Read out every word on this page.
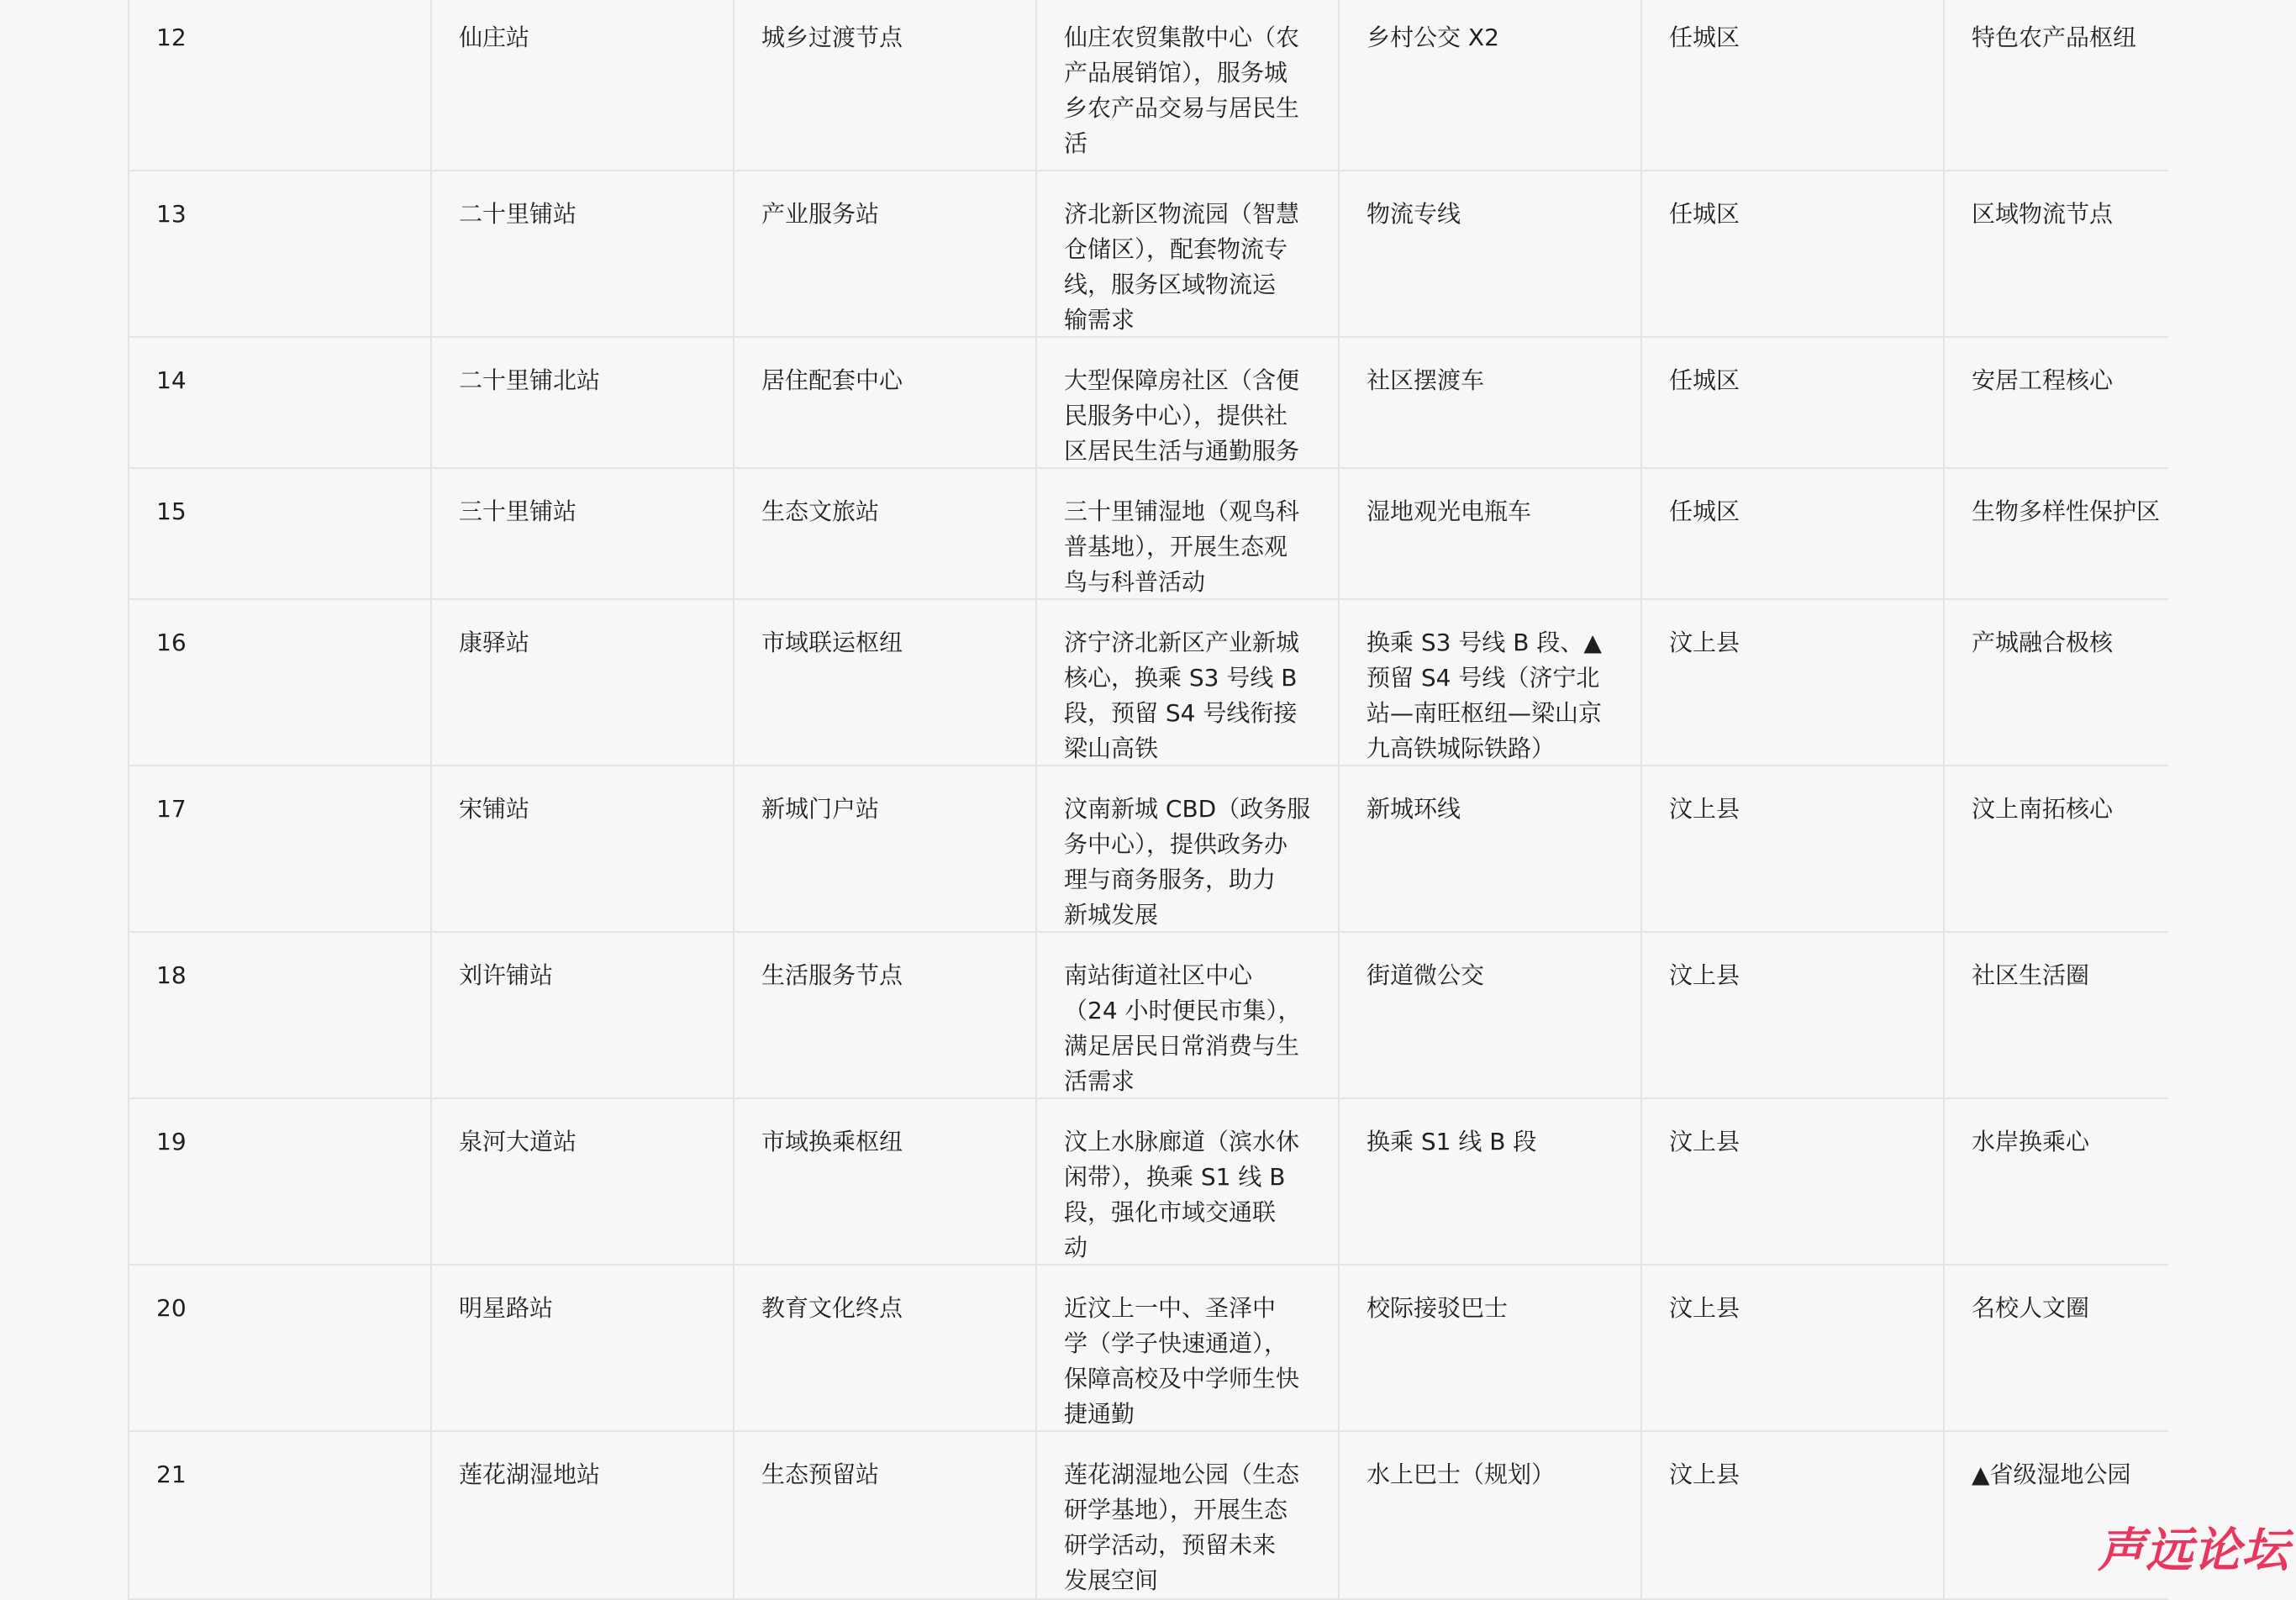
12	仙庄站	城乡过渡节点	仙庄农贸集散中心（农
产品展销馆），服务城
乡农产品交易与居民生
活
乡村公交 X2	任城区	特色农产品枢纽
13	二十里铺站	产业服务站	济北新区物流园（智慧
仓储区），配套物流专
线，服务区域物流运
输需求
物流专线	任城区	区域物流节点
14	二十里铺北站	居住配套中心	大型保障房社区（含便
民服务中心），提供社
区居民生活与通勤服务
社区摆渡车	任城区	安居工程核心
15	三十里铺站	生态文旅站	三十里铺湿地（观鸟科
普基地），开展生态观
鸟与科普活动
湿地观光电瓶车	任城区	生物多样性保护区
16	康驿站	市域联运枢纽	济宁济北新区产业新城
核心，换乘 S3 号线 B
段，预留 S4 号线衔接
梁山高铁
换乘 S3 号线 B 段、▲
预留 S4 号线（济宁北
站—南旺枢纽—梁山京
九高铁城际铁路）
汶上县	产城融合极核
17	宋铺站	新城门户站	汶南新城 CBD（政务服
务中心），提供政务办
理与商务服务，助力
新城发展
新城环线	汶上县	汶上南拓核心
18	刘许铺站	生活服务节点	南站街道社区中心
（24 小时便民市集），
满足居民日常消费与生
活需求
街道微公交	汶上县	社区生活圈
19	泉河大道站	市域换乘枢纽	汶上水脉廊道（滨水休
闲带），换乘 S1 线 B
段，强化市域交通联
动
换乘 S1 线 B 段	汶上县	水岸换乘心
20	明星路站	教育文化终点	近汶上一中、圣泽中
学（学子快速通道），
保障高校及中学师生快
捷通勤
校际接驳巴士	汶上县	名校人文圈
21	莲花湖湿地站	生态预留站	莲花湖湿地公园（生态
研学基地），开展生态
研学活动，预留未来
发展空间
水上巴士（规划）	汶上县	▲省级湿地公园
声远论坛
